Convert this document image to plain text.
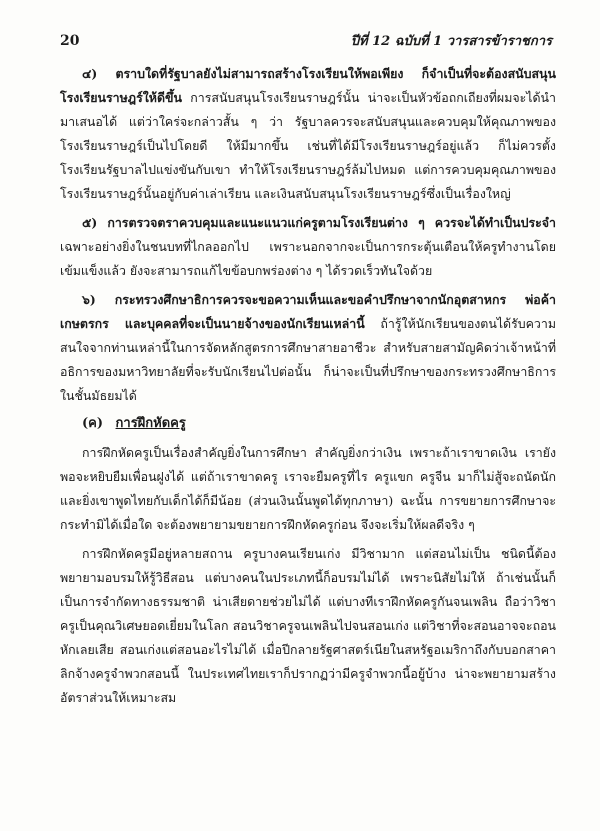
20	ปีที่ 12 ฉบับที่ 1 วารสารข้าราชการ

๔) ตราบใดที่รัฐบาลยังไม่สามารถสร้างโรงเรียนให้พอเพียง ก็จำเป็นที่จะต้องสนับสนุนโรงเรียนราษฎร์ให้ดีขึ้น การสนับสนุนโรงเรียนราษฎร์นั้น น่าจะเป็นหัวข้อถกเถียงที่ผมจะได้นำมาเสนอได้ แต่ว่าใคร่จะกล่าวสั้น ๆ ว่า รัฐบาลควรจะสนับสนุนและควบคุมให้คุณภาพของโรงเรียนราษฎร์เป็นไปโดยดี ให้มีมากขึ้น เช่นที่ได้มีโรงเรียนราษฎร์อยู่แล้ว ก็ไม่ควรตั้งโรงเรียนรัฐบาลไปแข่งขันกับเขา ทำให้โรงเรียนราษฎร์ล้มไปหมด แต่การควบคุมคุณภาพของโรงเรียนราษฎร์นั้นอยู่กับค่าเล่าเรียน และเงินสนับสนุนโรงเรียนราษฎร์ซึ่งเป็นเรื่องใหญ่

๕) การตรวจตราควบคุมและแนะแนวแก่ครูตามโรงเรียนต่าง ๆ ควรจะได้ทำเป็นประจำ เฉพาะอย่างยิ่งในชนบทที่ไกลออกไป เพราะนอกจากจะเป็นการกระตุ้นเตือนให้ครูทำงานโดยเข้มแข็งแล้ว ยังจะสามารถแก้ไขข้อบกพร่องต่าง ๆ ได้รวดเร็วทันใจด้วย

๖) กระทรวงศึกษาธิการควรจะขอความเห็นและขอคำปรึกษาจากนักอุตสาหกร พ่อค้าเกษตรกร และบุคคลที่จะเป็นนายจ้างของนักเรียนเหล่านี้ ถ้ารู้ให้นักเรียนของตนได้รับความสนใจจากท่านเหล่านี้ในการจัดหลักสูตรการศึกษาสายอาชีวะ สำหรับสายสามัญคิดว่าเจ้าหน้าที่อธิการของมหาวิทยาลัยที่จะรับนักเรียนไปต่อนั้น ก็น่าจะเป็นที่ปรึกษาของกระทรวงศึกษาธิการในชั้นมัธยมได้

(ค) การฝึกหัดครู

การฝึกหัดครูเป็นเรื่องสำคัญยิ่งในการศึกษา สำคัญยิ่งกว่าเงิน เพราะถ้าเราขาดเงิน เรายังพอจะหยิบยืมเพื่อนฝูงได้ แต่ถ้าเราขาดครู เราจะยืมครูที่ไร ครูแขก ครูจีน มาก็ไม่สู้จะถนัดนัก และยิ่งเขาพูดไทยกับเด็กได้ก็มีน้อย (ส่วนเงินนั้นพูดได้ทุกภาษา) ฉะนั้น การขยายการศึกษาจะกระทำมิได้เมื่อใด จะต้องพยายามขยายการฝึกหัดครูก่อน จึงจะเริ่มให้ผลดีจริง ๆ

การฝึกหัดครูมีอยู่หลายสถาน ครูบางคนเรียนเก่ง มีวิชามาก แต่สอนไม่เป็น ชนิดนี้ต้องพยายามอบรมให้รู้วิธีสอน แต่บางคนในประเภทนี้ก็อบรมไม่ได้ เพราะนิสัยไม่ให้ ถ้าเช่นนั้นก็เป็นการจำกัดทางธรรมชาติ น่าเสียดายช่วยไม่ได้ แต่บางทีเราฝึกหัดครูกันจนเพลิน ถือว่าวิชาครูเป็นคุณวิเศษยอดเยี่ยมในโลก สอนวิชาครูจนเพลินไปจนสอนเก่ง แต่วิชาที่จะสอนอาจจะถอนหักเลยเสีย สอนเก่งแต่สอนอะไรไม่ได้ เมื่อปีกลายรัฐศาสตร์เนียในสหรัฐอเมริกาถึงกับบอกสาคาลิกจ้างครูจำพวกสอนนี้ ในประเทศไทยเราก็ปรากฏว่ามีครูจำพวกนี้อยู้บ้าง น่าจะพยายามสร้างอัตราส่วนให้เหมาะสม
